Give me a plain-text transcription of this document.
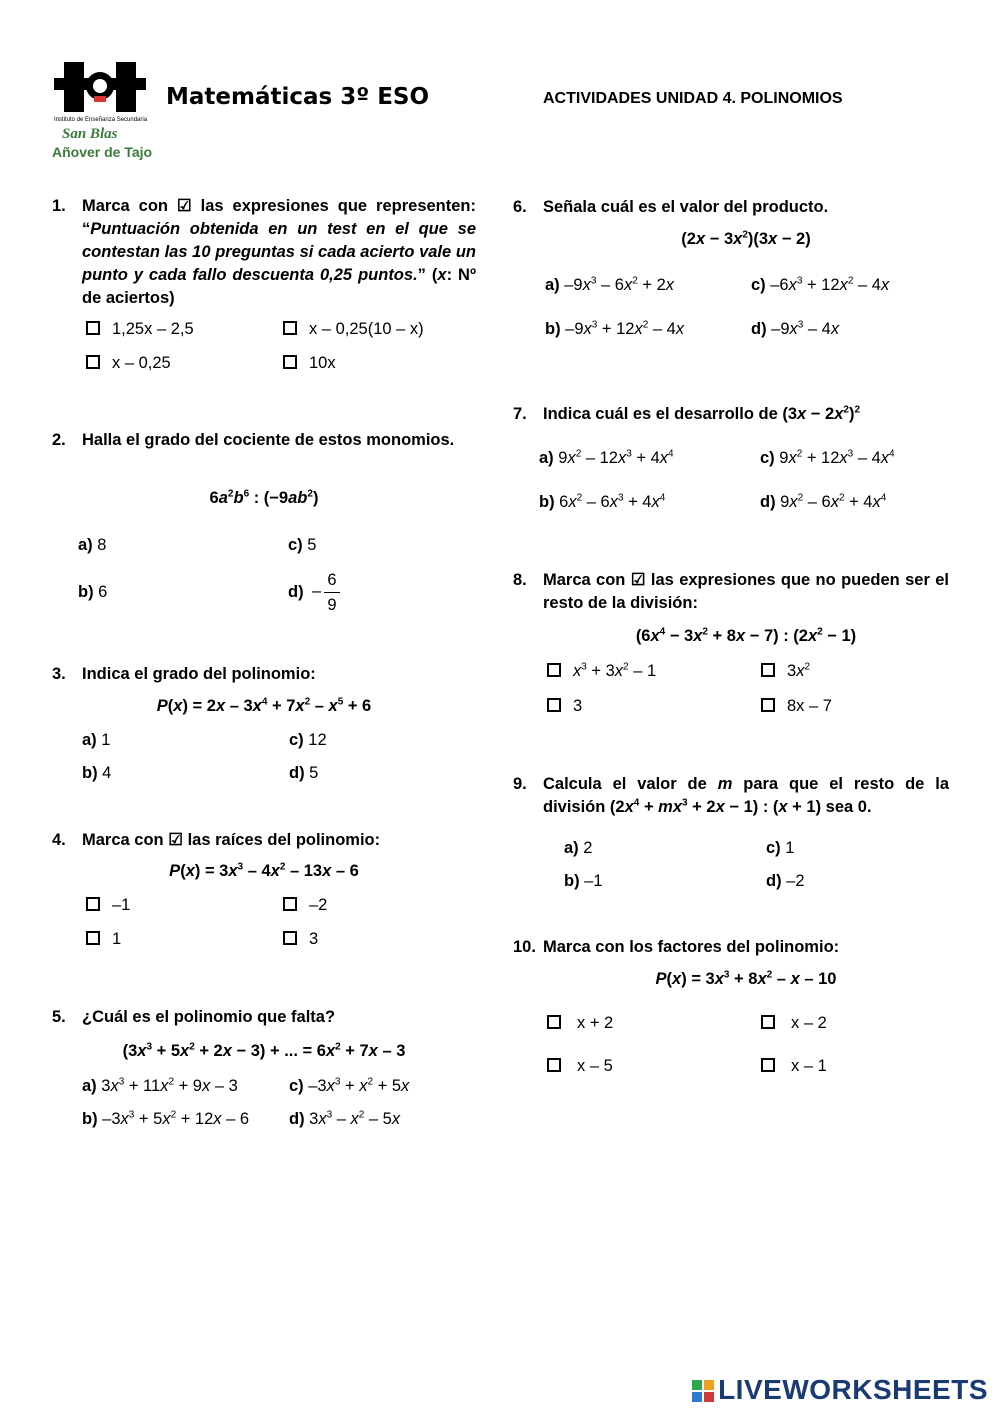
Instituto de Enseñanza Secundaria
San Blas
Añover de Tajo
Matemáticas 3º ESO	ACTIVIDADES UNIDAD 4. POLINOMIOS
1. Marca con ☑ las expresiones que representen: “Puntuación obtenida en un test en el que se contestan las 10 preguntas si cada acierto vale un punto y cada fallo descuenta 0,25 puntos.” (x: Nº de aciertos)
1,25x – 2,5	x – 0,25(10 – x)
x – 0,25	10x
2. Halla el grado del cociente de estos monomios.
$6a^2b^6$ : $(-9ab^2)$
a) 8	c) 5
b) 6	d) –
6
9
3. Indica el grado del polinomio:
$P(x) = 2x - 3x^4 + 7x^2 - x^5 + 6$
a) 1	c) 12
b) 4	d) 5
4. Marca con ☑ las raíces del polinomio:
$P(x) = 3x^3 - 4x^2 - 13x - 6$
–1	–2
1	3
5. ¿Cuál es el polinomio que falta?
$(3x^3 + 5x^2 + 2x - 3)$ + ... = $6x^2 + 7x - 3$
a) $3x^3 + 11x^2 + 9x - 3$	c) $-3x^3 + x^2 + 5x$
b) $-3x^3 + 5x^2 + 12x - 6$ d) $3x^3 - x^2 - 5x$
6. Señala cuál es el valor del producto.
$(2x - 3x^2)(3x - 2)$
a) $-9x^3 - 6x^2 + 2x$	c) $-6x^3 + 12x^2 - 4x$
b) $-9x^3 + 12x^2 - 4x$	d) $-9x^3 - 4x$
7. Indica cuál es el desarrollo de $(3x - 2x^2)^2$
a) $9x^2 - 12x^3 + 4x^4$	c) $9x^2 + 12x^3 - 4x^4$
b) $6x^2 - 6x^3 + 4x^4$	d) $9x^2 - 6x^2 + 4x^4$
8. Marca con ☑ las expresiones que no pueden ser el resto de la división:
$(6x^4 - 3x^2 + 8x - 7)$ : $(2x^2 - 1)$
$x^3 + 3x^2 - 1$	$3x^2$
3	8x – 7
9. Calcula el valor de m para que el resto de la división $(2x^4 + mx^3 + 2x - 1)$ : (x + 1) sea 0.
a) 2	c) 1
b) –1	d) –2
10. Marca con los factores del polinomio:
$P(x) = 3x^3 + 8x^2 - x - 10$
x + 2	x – 2
x – 5	x – 1
LIVEWORKSHEETS
